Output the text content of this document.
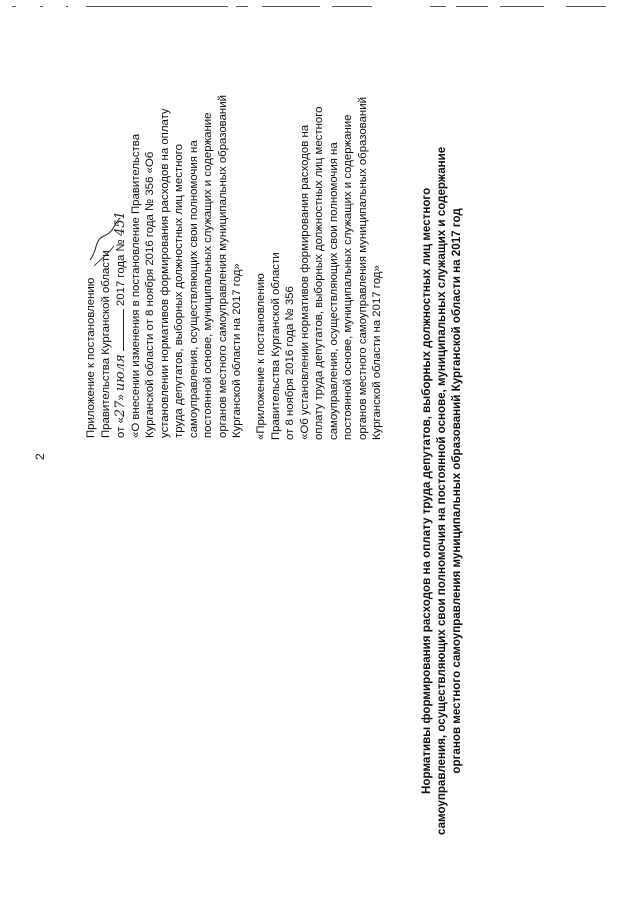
2
Приложение к постановлению Правительства Курганской области от «27» июля  2017 года № 451 «О внесении изменения в постановление Правительства Курганской области от 8 ноября 2016 года № 356 «Об установлении нормативов формирования расходов на оплату труда депутатов, выборных должностных лиц местного самоуправления, осуществляющих свои полномочия на постоянной основе, муниципальных служащих и содержание органов местного самоуправления муниципальных образований Курганской области на 2017 год» «Приложение к постановлению Правительства Курганской области от 8 ноября 2016 года № 356 «Об установлении нормативов формирования расходов на оплату труда депутатов, выборных должностных лиц местного самоуправления, осуществляющих свои полномочия на постоянной основе, муниципальных служащих и содержание органов местного самоуправления муниципальных образований Курганской области на 2017 год»	Нормативы формирования расходов на оплату труда депутатов, выборных должностных лиц местного самоуправления, осуществляющих свои полномочия на постоянной основе, муниципальных служащих и содержание органов местного самоуправления муниципальных образований Курганской области на 2017 год
